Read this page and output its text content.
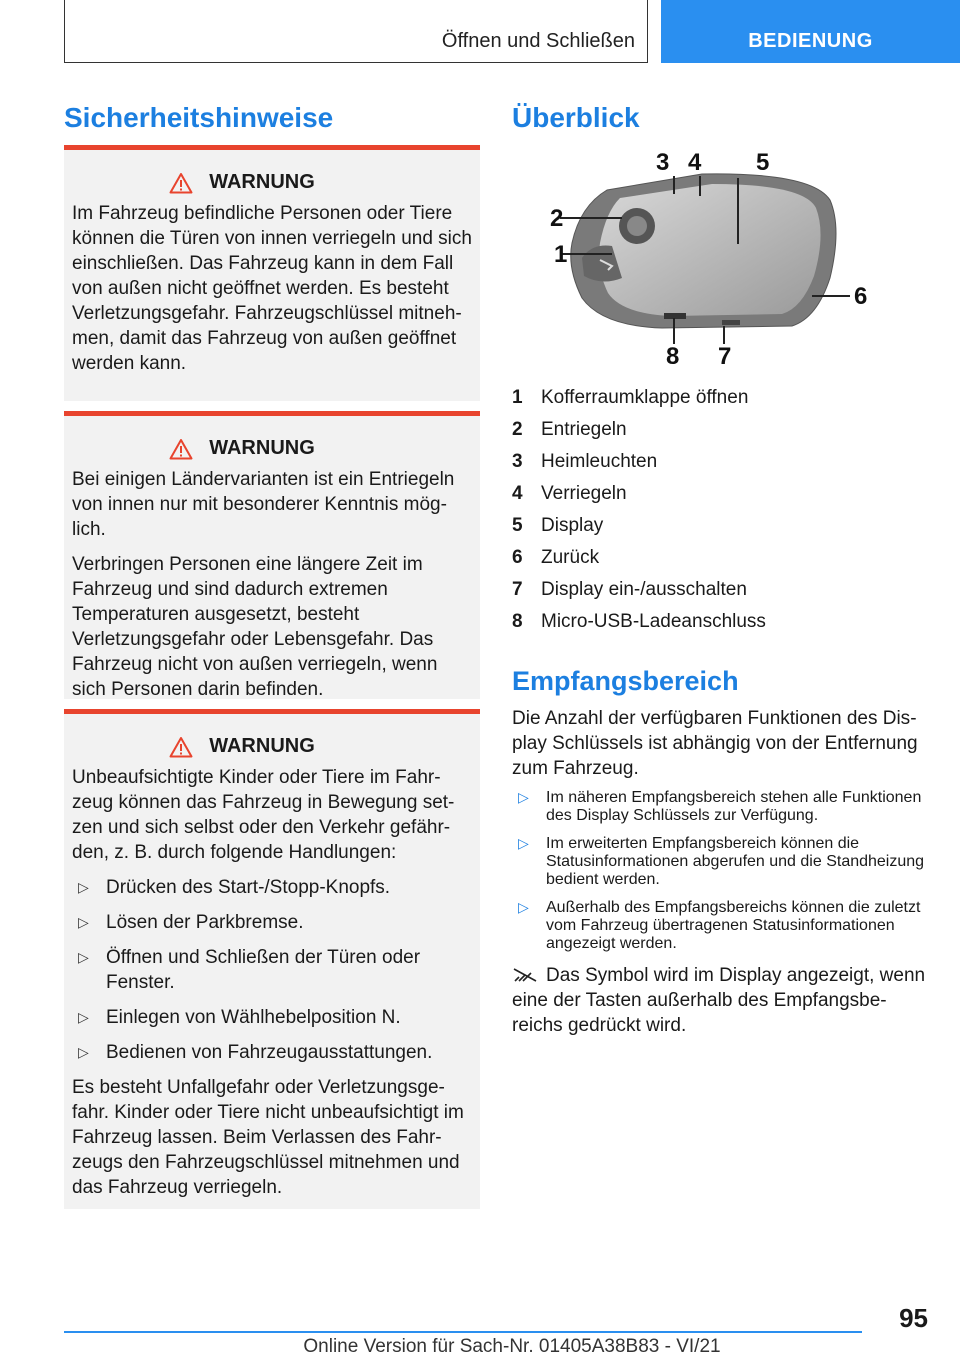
Öffnen und Schließen	BEDIENUNG
Sicherheitshinweise
WARNUNG

Im Fahrzeug befindliche Personen oder Tiere können die Türen von innen verriegeln und sich einschließen. Das Fahrzeug kann in dem Fall von außen nicht geöffnet werden. Es besteht Verletzungsgefahr. Fahrzeugschlüssel mitnehmen, damit das Fahrzeug von außen geöffnet werden kann.

WARNUNG

Bei einigen Ländervarianten ist ein Entriegeln von innen nur mit besonderer Kenntnis möglich.

Verbringen Personen eine längere Zeit im Fahrzeug und sind dadurch extremen Temperaturen ausgesetzt, besteht Verletzungsgefahr oder Lebensgefahr. Das Fahrzeug nicht von außen verriegeln, wenn sich Personen darin befinden.

WARNUNG

Unbeaufsichtigte Kinder oder Tiere im Fahrzeug können das Fahrzeug in Bewegung setzen und sich selbst oder den Verkehr gefährden, z. B. durch folgende Handlungen:

▷ Drücken des Start-/Stopp-Knopfs.
▷ Lösen der Parkbremse.
▷ Öffnen und Schließen der Türen oder Fenster.
▷ Einlegen von Wählhebelposition N.
▷ Bedienen von Fahrzeugausstattungen.

Es besteht Unfallgefahr oder Verletzungsgefahr. Kinder oder Tiere nicht unbeaufsichtigt im Fahrzeug lassen. Beim Verlassen des Fahrzeugs den Fahrzeugschlüssel mitnehmen und das Fahrzeug verriegeln.

Überblick
1
2
3 4 5
6
7
8
1 Kofferraumklappe öffnen
2 Entriegeln
3 Heimleuchten
4 Verriegeln
5 Display
6 Zurück
7 Display ein-/ausschalten
8 Micro-USB-Ladeanschluss
Empfangsbereich

Die Anzahl der verfügbaren Funktionen des Display Schlüssels ist abhängig von der Entfernung zum Fahrzeug.

▷ Im näheren Empfangsbereich stehen alle Funktionen des Display Schlüssels zur Verfügung.
▷ Im erweiterten Empfangsbereich können die Statusinformationen abgerufen und die Standheizung bedient werden.
▷ Außerhalb des Empfangsbereichs können die zuletzt vom Fahrzeug übertragenen Statusinformationen angezeigt werden.

Das Symbol wird im Display angezeigt, wenn eine der Tasten außerhalb des Empfangsbereichs gedrückt wird.

95
Online Version für Sach-Nr. 01405A38B83 - VI/21
